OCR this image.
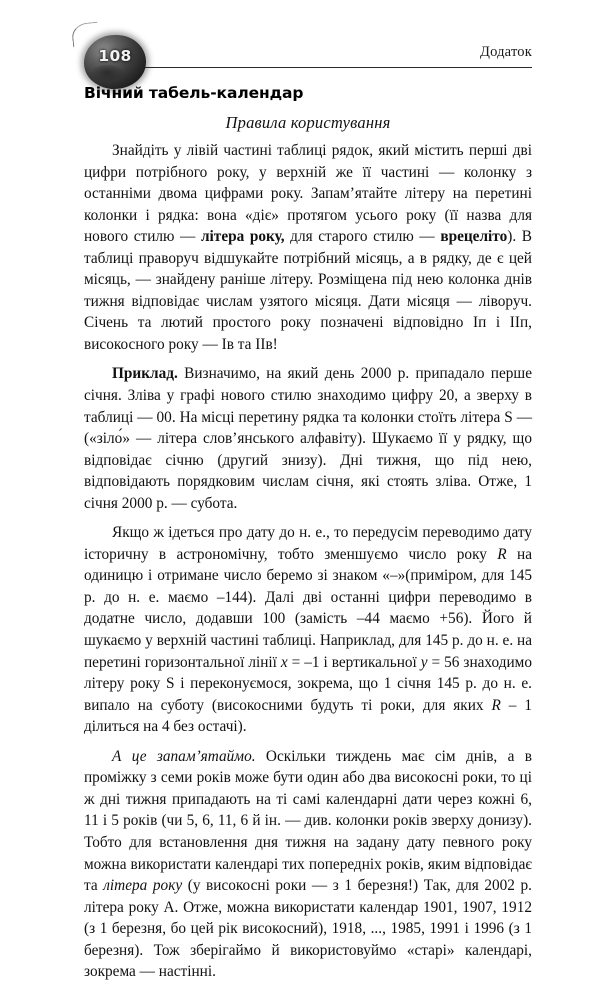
108	Додаток
Вічний табель-календар
Правила користування

Знайдіть у лівій частині таблиці рядок, який містить перші дві цифри потрібного року, у верхній же її частині — колонку з останніми двома цифрами року. Запам’ятайте літеру на перетині колонки і рядка: вона «діє» протягом усього року (її назва для нового стилю — літера року, для старого стилю — врецеліто). В таблиці праворуч відшукайте потрібний місяць, а в рядку, де є цей місяць, — знайдену раніше літеру. Розміщена під нею колонка днів тижня відповідає числам узятого місяця. Дати місяця — ліворуч. Січень та лютий простого року позначені відповідно Iп і IIп, високосного року — Iв та IIв!

Приклад. Визначимо, на який день 2000 р. припадало перше січня. Зліва у графі нового стилю знаходимо цифру 20, а зверху в таблиці — 00. На місці перетину рядка та колонки стоїть літера Ѕ — («зіло́» — літера слов’янського алфавіту). Шукаємо її у рядку, що відповідає січню (другий знизу). Дні тижня, що під нею, відповідають порядковим числам січня, які стоять зліва. Отже, 1 січня 2000 р. — субота.

Якщо ж ідеться про дату до н. е., то передусім переводимо дату історичну в астрономічну, тобто зменшуємо число року R на одиницю і отримане число беремо зі знаком «–»(приміром, для 145 р. до н. е. маємо –144). Далі дві останні цифри переводимо в додатне число, додавши 100 (замість –44 маємо +56). Його й шукаємо у верхній частині таблиці. Наприклад, для 145 р. до н. е. на перетині горизонтальної лінії x = –1 і вертикальної y = 56 знаходимо літеру року Ѕ і переконуємося, зокрема, що 1 січня 145 р. до н. е. випало на суботу (високосними будуть ті роки, для яких R – 1 ділиться на 4 без остачі).

А це запам’ятаймо. Оскільки тиждень має сім днів, а в проміжку з семи років може бути один або два високосні роки, то ці ж дні тижня припадають на ті самі календарні дати через кожні 6, 11 і 5 років (чи 5, 6, 11, 6 й ін. — див. колонки років зверху донизу). Тобто для встановлення дня тижня на задану дату певного року можна використати календарі тих попередніх років, яким відповідає та літера року (у високосні роки — з 1 березня!) Так, для 2002 р. літера року A. Отже, можна використати календар 1901, 1907, 1912 (з 1 березня, бо цей рік високосний), 1918, ..., 1985, 1991 і 1996 (з 1 березня). Тож зберігаймо й використовуймо «старі» календарі, зокрема — настінні.
